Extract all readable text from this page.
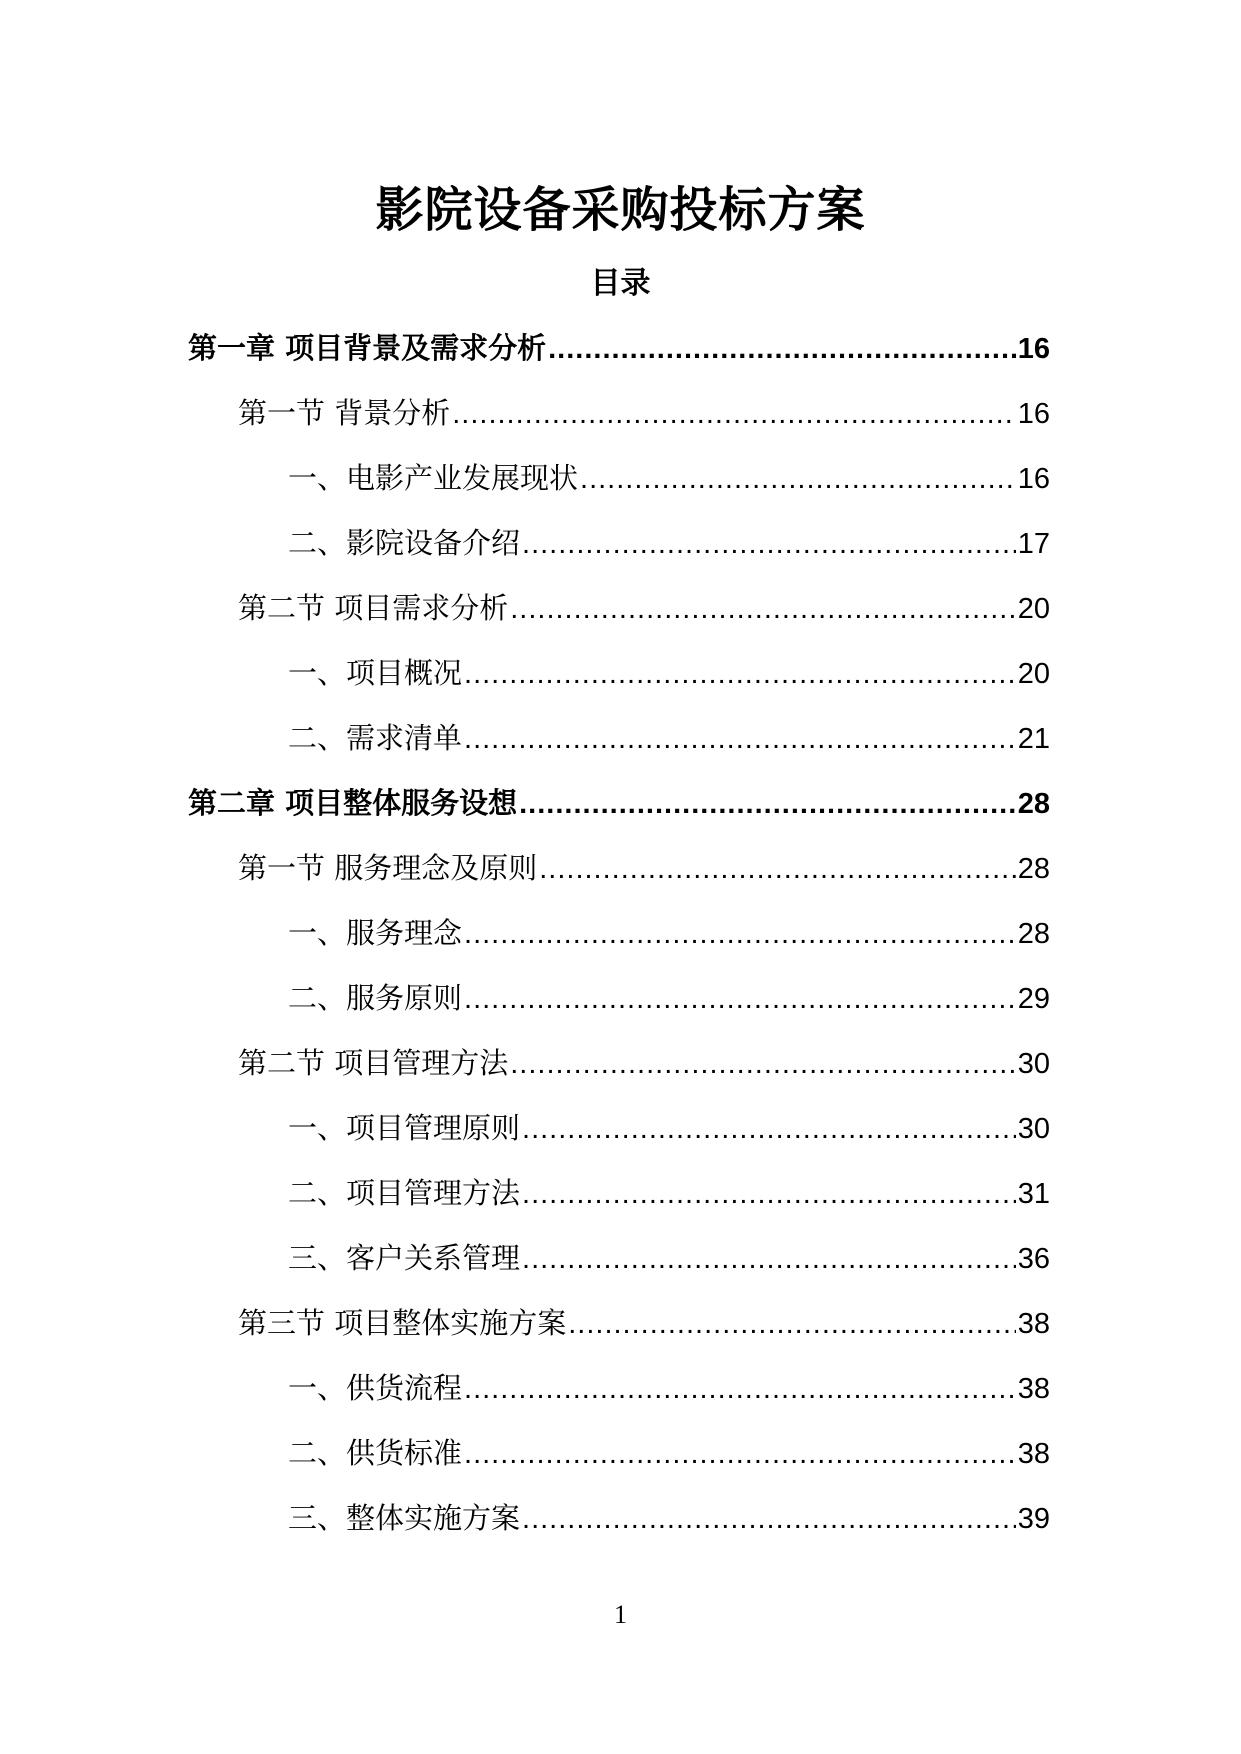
影院设备采购投标方案
目录
第一章 项目背景及需求分析 .....	16
第一节 背景分析 .....	16
一、电影产业发展现状 .....	16
二、影院设备介绍 .....	17
第二节 项目需求分析 .....	20
一、项目概况 .....	20
二、需求清单 .....	21
第二章 项目整体服务设想 .....	28
第一节 服务理念及原则 .....	28
一、服务理念 .....	28
二、服务原则 .....	29
第二节 项目管理方法 .....	30
一、项目管理原则 .....	30
二、项目管理方法 .....	31
三、客户关系管理 .....	36
第三节 项目整体实施方案 .....	38
一、供货流程 .....	38
二、供货标准 .....	38
三、整体实施方案 .....	39
1
